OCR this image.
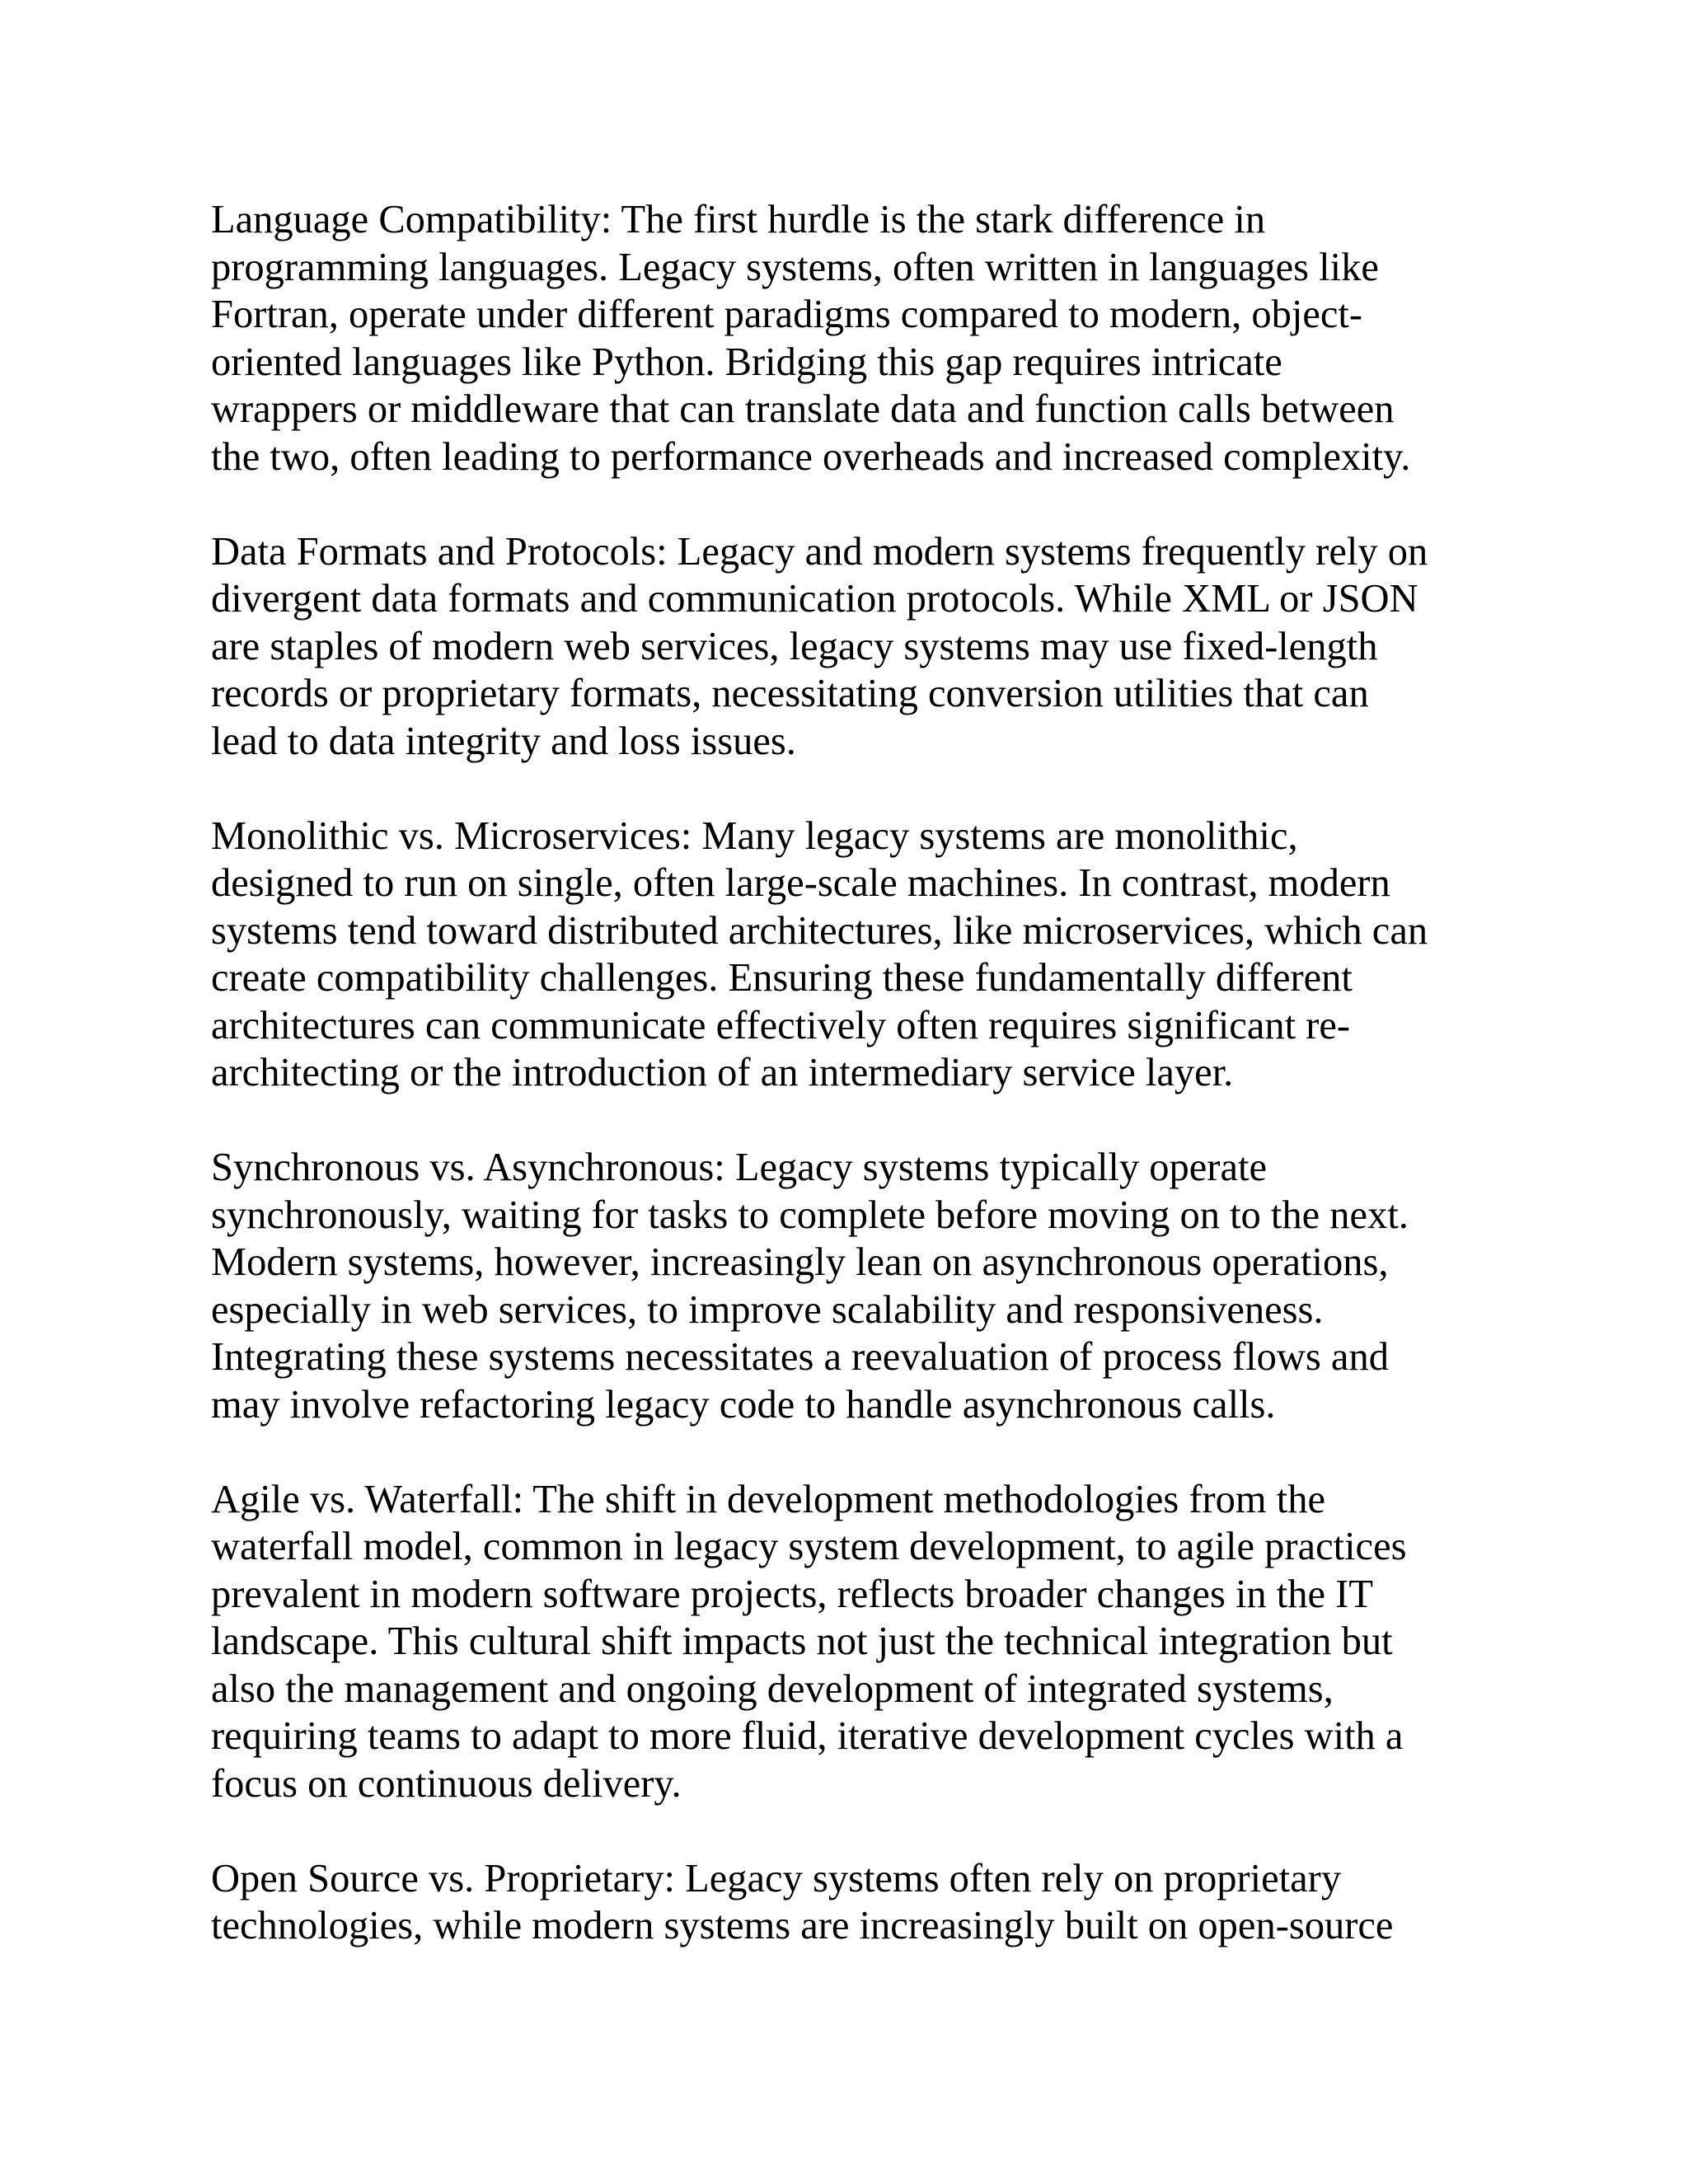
Language Compatibility: The first hurdle is the stark difference in
programming languages. Legacy systems, often written in languages like
Fortran, operate under different paradigms compared to modern, object-
oriented languages like Python. Bridging this gap requires intricate
wrappers or middleware that can translate data and function calls between
the two, often leading to performance overheads and increased complexity.

Data Formats and Protocols: Legacy and modern systems frequently rely on
divergent data formats and communication protocols. While XML or JSON
are staples of modern web services, legacy systems may use fixed-length
records or proprietary formats, necessitating conversion utilities that can
lead to data integrity and loss issues.

Monolithic vs. Microservices: Many legacy systems are monolithic,
designed to run on single, often large-scale machines. In contrast, modern
systems tend toward distributed architectures, like microservices, which can
create compatibility challenges. Ensuring these fundamentally different
architectures can communicate effectively often requires significant re-
architecting or the introduction of an intermediary service layer.

Synchronous vs. Asynchronous: Legacy systems typically operate
synchronously, waiting for tasks to complete before moving on to the next.
Modern systems, however, increasingly lean on asynchronous operations,
especially in web services, to improve scalability and responsiveness.
Integrating these systems necessitates a reevaluation of process flows and
may involve refactoring legacy code to handle asynchronous calls.

Agile vs. Waterfall: The shift in development methodologies from the
waterfall model, common in legacy system development, to agile practices
prevalent in modern software projects, reflects broader changes in the IT
landscape. This cultural shift impacts not just the technical integration but
also the management and ongoing development of integrated systems,
requiring teams to adapt to more fluid, iterative development cycles with a
focus on continuous delivery.

Open Source vs. Proprietary: Legacy systems often rely on proprietary
technologies, while modern systems are increasingly built on open-source
